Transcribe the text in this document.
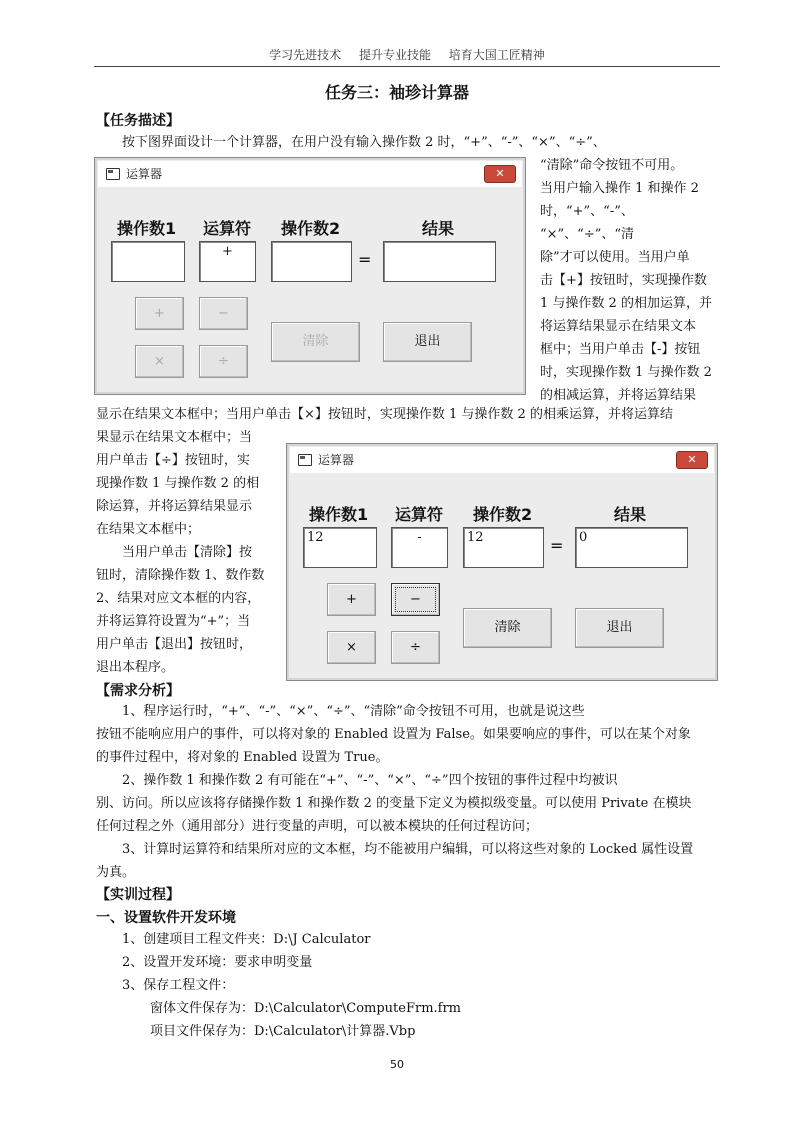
学习先进技术 提升专业技能 培育大国工匠精神
任务三：袖珍计算器
【任务描述】
按下图界面设计一个计算器，在用户没有输入操作数 2 时，“+”、“-”、“×”、“÷”、
“清除”命令按钮不可用。
当用户输入操作 1 和操作 2
时，“+”、“-”、
“×”、“÷”、“清
除”才可以使用。当用户单
击【+】按钮时，实现操作数
1 与操作数 2 的相加运算，并
将运算结果显示在结果文本
框中；当用户单击【-】按钮
时，实现操作数 1 与操作数 2
的相减运算，并将运算结果
运算器	✕
操作数1 运算符 操作数2	结果
+	=
+	−
×	÷
清除	退出
显示在结果文本框中；当用户单击【×】按钮时，实现操作数 1 与操作数 2 的相乘运算，并将运算结
果显示在结果文本框中；当
用户单击【÷】按钮时，实
现操作数 1 与操作数 2 的相
除运算，并将运算结果显示
在结果文本框中；
当用户单击【清除】按
钮时，清除操作数 1、数作数
2、结果对应文本框的内容，
并将运算符设置为“+”；当
用户单击【退出】按钮时，
退出本程序。
运算器	✕
操作数1 运算符 操作数2	结果
12	-	12	=	0
+	−
×	÷
清除	退出
【需求分析】
1、程序运行时，“+”、“-”、“×”、“÷”、“清除”命令按钮不可用，也就是说这些
按钮不能响应用户的事件，可以将对象的 Enabled 设置为 False。如果要响应的事件，可以在某个对象
的事件过程中，将对象的 Enabled 设置为 True。
2、操作数 1 和操作数 2 有可能在“+”、“-”、“×”、“÷”四个按钮的事件过程中均被识
别、访问。所以应该将存储操作数 1 和操作数 2 的变量下定义为模拟级变量。可以使用 Private 在模块
任何过程之外（通用部分）进行变量的声明，可以被本模块的任何过程访问；
3、计算时运算符和结果所对应的文本框，均不能被用户编辑，可以将这些对象的 Locked 属性设置
为真。
【实训过程】
一、设置软件开发环境
1、创建项目工程文件夹：D:\J Calculator
2、设置开发环境：要求申明变量
3、保存工程文件：
窗体文件保存为：D:\Calculator\ComputeFrm.frm
项目文件保存为：D:\Calculator\计算器.Vbp
50
